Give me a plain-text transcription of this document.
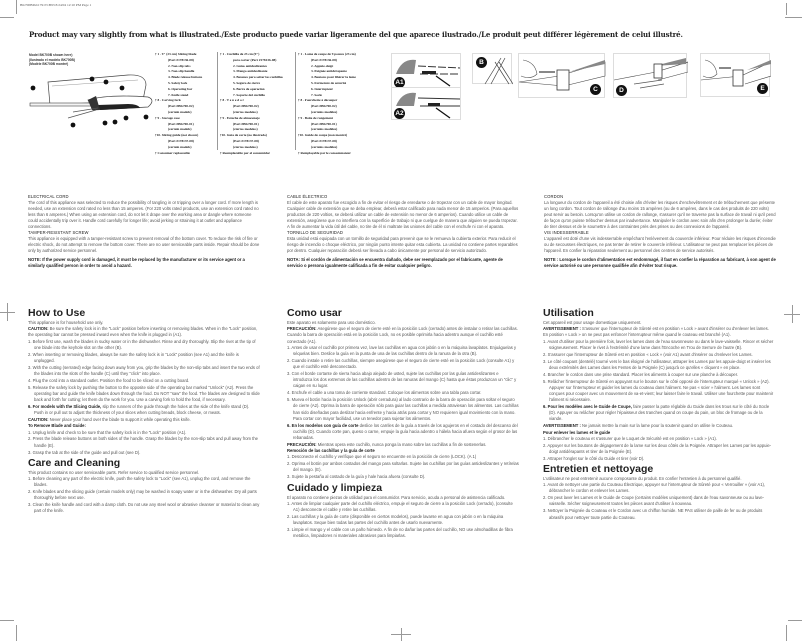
BK700BPub1791T1B93 8/24/04 12:10 PM Page 1
Product may vary slightly from what is illustrated./Este producto puede variar ligeramente del que aparece ilustrado./Le produit peut différer légèrement de celui illustré.
Model BK700B shown here)
(Ilustrado el modelo BK700B)
(Modèle BK700B montré)
† 1 . 9" (23 cm) Slicing blade
(Part #178136-08)
2. Non-slip tabs
3. Non-slip handle
4. Blade release buttons
5. Safety lock
6. Operating bar
7. Knife stand
† 8 . Carving fork
(Part #BK700-02)
(certain models)
† 9 . Storage case
(Part #BK700-01)
(certain models)
†10. Slicing guide (not shown)
(Part #178137-08)
(certain models)
† Consumer replaceable
† 1 . Cuchilla de 23 cm (9")
para cortar (Part #178136-08)
2. Guías antideslizantes
3. Mango antideslizante
4. Botones para soltar las cuchillas
5. Seguro de cierre
6. Barra de operación
7. Soporte del cuchillo
† 8 . T e n e d o r
(Part #BK700-02)
(ciertos modelos)
† 9 . Estuche de almacenaje
(Part #BK700-01)
(ciertos modelos)
†10. Guía de corte (no ilustrado)
(Part #178137-08)
(ciertos modelos)
† Reemplazable por el consumidor
† 1 . Lame de coupe de 9 pouces (23 cm)
(Part #178136-08)
2. Appuie-doigt
3. Poignée antidérapante
4. Boutons pour libérer la lame
5. Fermeture de sécurité
6. Interrupteur
7. Socle
† 8 . Fourchette à découper
(Part #BK700-02)
(certains modèles)
† 9 . Boîte de rangement
(Part #BK700-01)
(certains modèles)
†10. Guide de coupe (non montré)
(Part #178137-08)
(certains modèles)
† Remplaçable par le consommateur
A1
A2
B
C	D	E
ELECTRICAL CORD

The cord of this appliance was selected to reduce the possibility of tangling in or tripping over a longer cord. If more length is needed, use an extension cord rated no less than 15 amperes. (For 220 volts rated products, use an extension cord rated no less than 6 amperes.) When using an extension cord, do not let it drape over the working area or dangle where someone could accidentally trip over it. Handle cord carefully for longer life; avoid jerking or straining it at outlet and appliance connections.

TAMPER-RESISTANT SCREW

This appliance is equipped with a tamper-resistant screw to prevent removal of the bottom cover. To reduce the risk of fire or electric shock, do not attempt to remove the bottom cover. There are no user serviceable parts inside. Repair should be done only by authorized service personnel.

NOTE: If the power supply cord is damaged, it must be replaced by the manufacturer or its service agent or a similarly qualified person in order to avoid a hazard.

CABLE ÉLECTRICO

El cable de este aparato fue escogido a fin de evitar el riesgo de enredarse o de tropezar con un cable de mayor longitud. Cualquier cable de extensión que se deba emplear, deberá estar calificado para nada menor de 15 amperios. (Para aquellos productos de 220 voltios, se deberá utilizar un cable de extensión no menor de 6 amperios). Cuando utilice un cable de extensión, asegúrese que no interfiera con la superficie de trabajo ni que cuelgue de manera que alguien se pueda tropezar. A fin de aumentar la vida útil del cable, no tire de él ni maltrate las uniones del cable con el enchufe ni con el aparato.

TORNILLO DE SEGURIDAD

Esta unidad está equipada con un tornillo de seguridad para prevenir que se le remueva la cubierta exterior. Para reducir el riesgo de incendio o choque eléctrico, por ningún punto intente quitar esta cubierta. La unidad no contiene partes reparables por dentro. Cualquier reparación deberá ser llevada a cabo únicamente por personal de servicio autorizado.

NOTA: Si el cordón de alimentación se encuentra dañado, debe ser reemplazado por el fabricante, agente de servicio o persona igualmente calificada a fin de evitar cualquier peligro.

CORDON

La longueur du cordon de l'appareil a été choisie afin d'éviter les risques d'enchevêtrement et de trébuchement que présente un long cordon. Tout cordon de rallonge d'au moins 15 ampères (ou de 6 ampères, dans le cas des produits de 220 volts) peut servir au besoin. Lorsqu'on utilise un cordon de rallonge, s'assurer qu'il ne traverse pas la surface de travail ni qu'il pend de façon qu'on puisse trébucher dessus par inadvertance. Manipuler le cordon avec soin afin d'en prolonger la durée; éviter de tirer dessus et de le soumettre à des contraintes près des prises ou des connexions de l'appareil.

VIS INDESSERRABLE

L'appareil est doté d'une vis indesserrable empêchant l'enlèvement du couvercle inférieur. Pour réduire les risques d'incendie ou de secousses électriques, ne pas tenter de retirer le couvercle inférieur. L'utilisateur ne peut pas remplacer les pièces de l'appareil. En confier la réparation seulement au personnel des centres de service autorisés.

NOTE : Lorsque le cordon d'alimentation est endommagé, il faut en confier la réparation au fabricant, à son agent de service autorisé ou une personne qualifiée afin d'éviter tout risque.

How to Use

This appliance is for household use only.

CAUTION: Be sure the safety lock is in the "Lock" position before inserting or removing blades. When in the "Lock" position, the operating bar cannot be pressed inward even when the knife is plugged in (A1).

1. Before first use, wash the blades in sudsy water or in the dishwasher. Rinse and dry thoroughly. Slip the rivet at the tip of one blade into the keyhole slot on the other (B).
2. When inserting or removing blades, always be sure the safety lock is in "Lock" position (see A1) and the knife is unplugged.
3. With the cutting (serrated) edge facing down away from you, grip the blades by the non-slip tabs and insert the two ends of the blades into the slots of the handle (C) until they "click" into place.
4. Plug the cord into a standard outlet. Position the food to be sliced on a cutting board.
5. Release the safety lock by pushing the button to the opposite side of the operating bar marked "Unlock" (A2). Press the operating bar and guide the knife blades down through the food. Do NOT "saw" the food. The blades are designed to slide back and forth for cutting; let them do the work for you. Use a carving fork to hold the food, if necessary.
6. For models with the Slicing Guide, slip the runners of the guide through the holes at the side of the knife stand (D). Push in or pull out to adjust the thickness of your slices when cutting breads, block cheese, or meats.

CAUTION: Never place your hand over the blade to support it while operating this knife.

To Remove Blade and Guide:

1. Unplug knife and check to be sure that the safety lock is in the "Lock" position (A1).
2. Press the blade release buttons on both sides of the handle. Grasp the blades by the non-slip tabs and pull away from the handle (E).
3. Grasp the tab at the side of the guide and pull out (see D).
Care and Cleaning

This product contains no user serviceable parts. Refer service to qualified service personnel.

1. Before cleaning any part of the electric knife, push the safety lock to "Lock" (see A1), unplug the cord, and remove the blades.
2. Knife blades and the slicing guide (certain models only) may be washed in soapy water or in the dishwasher. Dry all parts thoroughly before next use.
3. Clean the knife handle and cord with a damp cloth. Do not use any steel wool or abrasive cleanser or material to clean any part of the knife.
Como usar

Este aparato es solamente para uso doméstico.

PRECAUCIÓN: Asegúrese que el seguro de cierre esté en la posición Lock (cerrado) antes de instalar o retirar las cuchillas. Cuando la barra de operación está en la posición Lock, no es posible oprimirla hacia adentro aunque el cuchillo esté conectado (A1).

1. Antes de usar el cuchillo por primera vez, lave las cuchillas en agua con jabón o en la máquina lavaplatos. Enjuáguelas y séquelas bien. Deslice la guía en la punta de una de las cuchillas dentro de la ranura de la otra (B).
2. Cuando instale o retire las cuchillas, siempre asegúrese que el seguro de cierre esté en la posición Lock (consulte A1) y que el cuchillo esté desconectado.
3. Con el borde cortante de sierra hacia abajo alejado de usted, sujete las cuchillas por las guías antideslizantes e introduzca los dos extremos de las cuchillas adentro de las ranuras del mango (C) hasta que éstas produzcan un "clic" y caigan en su lugar.
4. Enchufe el cable a una toma de corriente standard. Coloque los alimentos sobre una tabla para cortar.
5. Mueva el botón hacia la posición Unlock (abrir cerradura) al lado contrario de la barra de operación para soltar el seguro de cierre (A2). Oprima la barra de operación sólo para guiar las cuchillas a medida atraviesan los alimentos. Las cuchillas han sido diseñadas para deslizar hacia enfrente y hacia atrás para cortar y NO requieren igual movimiento con la mano. Para cortar con mayor facilidad, use un tenedor para sujetar los alimentos.
6. En los modelos con guía de corte deslice los carriles de la guía a través de los agujeros en el costado del descanso del cuchillo (D). Cuando corte pan, queso o carne, empuje la guía hacia adentro o hálela hacia afuera según el grosor de las rebanadas.

PRECAUCIÓN: Mientras opera este cuchillo, nunca ponga la mano sobre las cuchillas a fin de sostenerlas.

Remoción de las cuchillas y la guía de corte

1. Desconecte el cuchillo y verifique que el seguro se encuentre en la posición de cierre (LOCK). (A 1)
2. Oprima el botón por ambos costados del mango para soltarlas. Sujete las cuchillas por las guías antideslizantes y retírelas del mango. (E).
3. Sujete la pestaña al costado de la guía y hale hacia afuera (consulte D).
Cuidado y limpieza

El aparato no contiene piezas de utilidad para el consumidor. Para servicio, acuda a personal de asistencia calificado.

1. Antes de limpiar cualquier parte del cuchillo eléctrico, empuje el seguro de cierre a la posición Lock (cerrado), (consulte A1) desconecte el cable y retire las cuchillas.
2. Las cuchillas y la guía de corte (disponible en ciertos modelos), puede lavarse en agua con jabón o en la máquina lavaplatos. Seque bien todas las partes del cuchillo antes de usarlo nuevamente.
3. Limpie el mango y el cable con un paño húmedo. A fin de no dañar las partes del cuchillo, NO use almohadillas de fibra metálica, limpiadores ni materiales abrasivos para limpiarlas.
Utilisation

Cet appareil est pour usage domestique uniquement.

AVERTISSEMENT : S'assurer que l'interrupteur de Sûreté est en position « Lock » avant d'insérer ou d'enlever les lames. En position « Lock » on ne peut pas enfoncer l'interrupteur même quand le couteau est branché (A1).

1. Avant d'utiliser pour la première fois, laver les lames dans de l'eau savonneuse ou dans le lave-vaisselle. Rincer et sécher soigneusement. Placer le rivet à l'extrémité d'une lame dans l'Encoche en Trou de Serrure de l'autre (B).
2. S'assurer que l'interrupteur de Sûreté est en position « Lock » (voir A1) avant d'insérer ou d'enlever les Lames.
3. Le côté coupant (dentelé) tourné vers le bas éloigné de l'utilisateur, attraper les Lames par les appuie-doigt et insérer les deux extrémités des Lames dans les Fentes de la Poignée (C) jusqu'à ce qu'elles « cliquent » en place.
4. Brancher le cordon dans une prise standard. Placer les aliments à couper sur une planche à découper.
5. Relâcher l'interrupteur de Sûreté en appuyant sur le bouton sur le côté opposé de l'interrupteur marqué « Unlock » (A2). Appuyer sur l'interrupteur et guider les lames du couteau dans l'aliment. Ne pas « scier » l'aliment. Les lames sont conçues pour couper avec un mouvement de va-et-vient; leur laisser faire le travail. Utiliser une fourchette pour maintenir l'aliment si nécessaire.
6. Pour les modèles avec le Guide de Coupe, faire passer la patte réglable du Guide dans les trous sur le côté du Socle (D). Appuyer ou relâcher pour régler l'épaisseur des tranches quand on coupe du pain, un bloc de fromage ou de la viande.

AVERTISSEMENT : Ne jamais mettre la main sur la lame pour la soutenir quand on utilise le Couteau.

Pour enlever les lames et le guide

1. Débrancher le couteau et s'assurer que le Loquet de Sécurité est en position « Lock » (A1).
2. Appuyer sur les boutons de dégagement de la lame sur les deux côtés de la Poignée. Attraper les Lames par les appuie-doigt antidérapants et tirer de la Poignée (E).
3. Attraper l'onglet sur le côté du Guide et tirer (voir D).
Entretien et nettoyage

L'utilisateur ne peut entretenir aucune composante du produit. En confier l'entretien à du personnel qualifié.

1. Avant de nettoyer une partie du Couteau Électrique, appuyer sur l'interrupteur de Sûreté pour « Verrouiller » (voir A1), débrancher le cordon et enlever les Lames.
2. On peut laver les Lames et le Guide de Coupe (certains modèles uniquement) dans de l'eau savonneuse ou au lave-vaisselle. Sécher soigneusement toutes les pièces avant d'utiliser à nouveau.
3. Nettoyer la Poignée du Couteau et le Cordon avec un chiffon humide. NE PAS utiliser de paille de fer ou de produits abrasifs pour nettoyer toute partie du Couteau.
